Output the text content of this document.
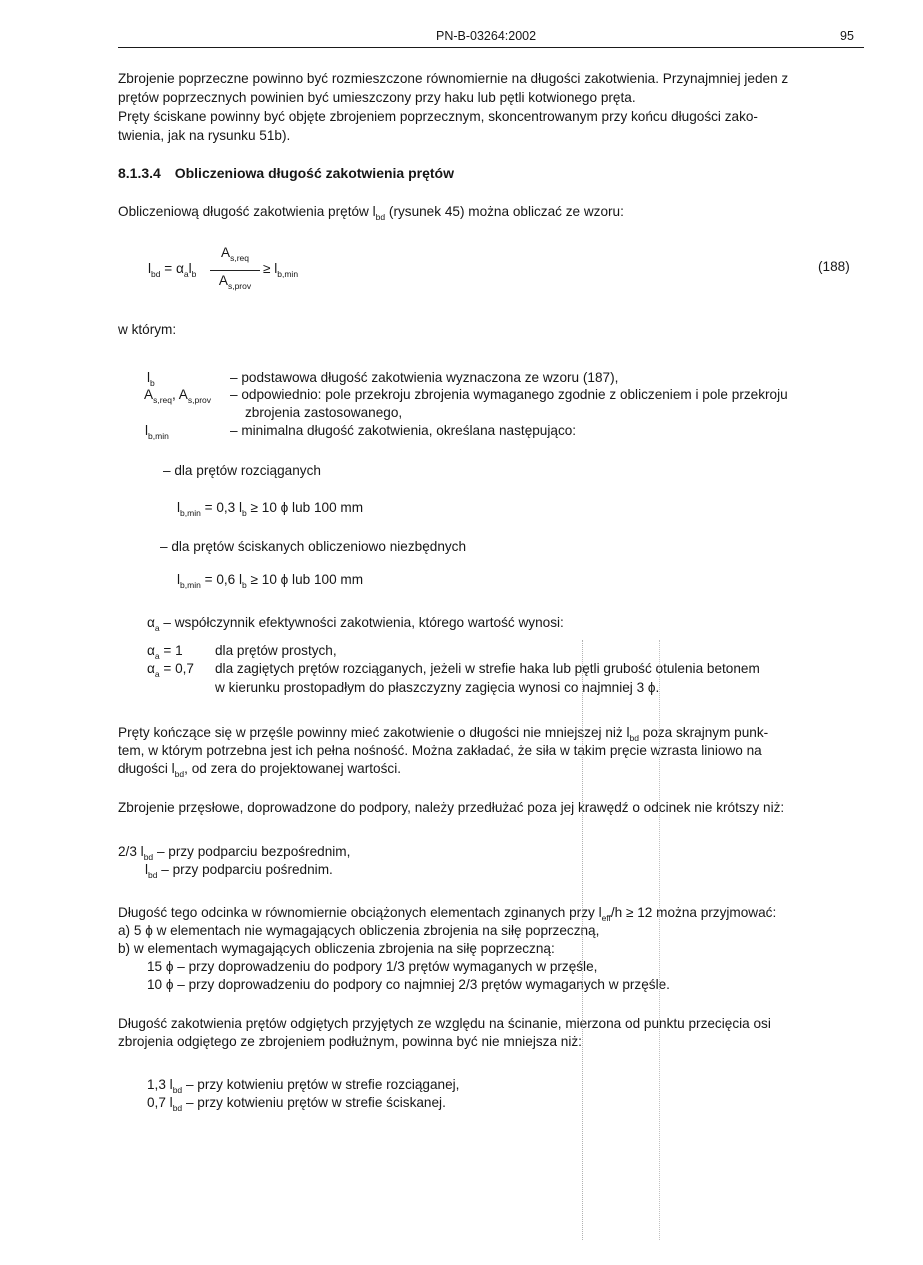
PN-B-03264:2002	95
Zbrojenie poprzeczne powinno być rozmieszczone równomiernie na długości zakotwienia. Przynajmniej jeden z
prętów poprzecznych powinien być umieszczony przy haku lub pętli kotwionego pręta.
Pręty ściskane powinny być objęte zbrojeniem poprzecznym, skoncentrowanym przy końcu długości zako-
twienia, jak na rysunku 51b).
8.1.3.4 Obliczeniowa długość zakotwienia prętów
Obliczeniową długość zakotwienia prętów $l_{bd}$ (rysunek 45) można obliczać ze wzoru:
$l_{bd} = \alpha_al_b$
$A_{s,req}$
$A_{s,prov}$
≥ $l_{b,min}$	(188)
w którym:
$l_b$	– podstawowa długość zakotwienia wyznaczona ze wzoru (187),
$A_{s,req}$, $A_{s,prov}$ – odpowiednio: pole przekroju zbrojenia wymaganego zgodnie z obliczeniem i pole przekroju
zbrojenia zastosowanego,
$l_{b,min}$	– minimalna długość zakotwienia, określana następująco:
– dla prętów rozciąganych
$l_{b,min} = 0,3$ $l_b \ge 10$ ϕ lub 100 mm
– dla prętów ściskanych obliczeniowo niezbędnych
$l_{b,min} = 0,6$ $l_b \ge 10$ ϕ lub 100 mm
$\alpha_a$ – współczynnik efektywności zakotwienia, którego wartość wynosi:
$\alpha_a = 1$ dla prętów prostych,
$\alpha_a = 0,7$ dla zagiętych prętów rozciąganych, jeżeli w strefie haka lub pętli grubość otulenia betonem
w kierunku prostopadłym do płaszczyzny zagięcia wynosi co najmniej 3 ϕ.
Pręty kończące się w przęśle powinny mieć zakotwienie o długości nie mniejszej niż $l_{bd}$ poza skrajnym punk-
tem, w którym potrzebna jest ich pełna nośność. Można zakładać, że siła w takim pręcie wzrasta liniowo na
długości $l_{bd}$, od zera do projektowanej wartości.
Zbrojenie przęsłowe, doprowadzone do podpory, należy przedłużać poza jej krawędź o odcinek nie krótszy niż:
2/3 $l_{bd}$ – przy podparciu bezpośrednim,
$l_{bd}$ – przy podparciu pośrednim.
Długość tego odcinka w równomiernie obciążonych elementach zginanych przy $l_{eff}/h \ge 12$ można przyjmować:
a) 5 ϕ w elementach nie wymagających obliczenia zbrojenia na siłę poprzeczną,
b) w elementach wymagających obliczenia zbrojenia na siłę poprzeczną:
15 ϕ – przy doprowadzeniu do podpory 1/3 prętów wymaganych w przęśle,
10 ϕ – przy doprowadzeniu do podpory co najmniej 2/3 prętów wymaganych w przęśle.
Długość zakotwienia prętów odgiętych przyjętych ze względu na ścinanie, mierzona od punktu przecięcia osi
zbrojenia odgiętego ze zbrojeniem podłużnym, powinna być nie mniejsza niż:
1,3 $l_{bd}$ – przy kotwieniu prętów w strefie rozciąganej,
0,7 $l_{bd}$ – przy kotwieniu prętów w strefie ściskanej.
